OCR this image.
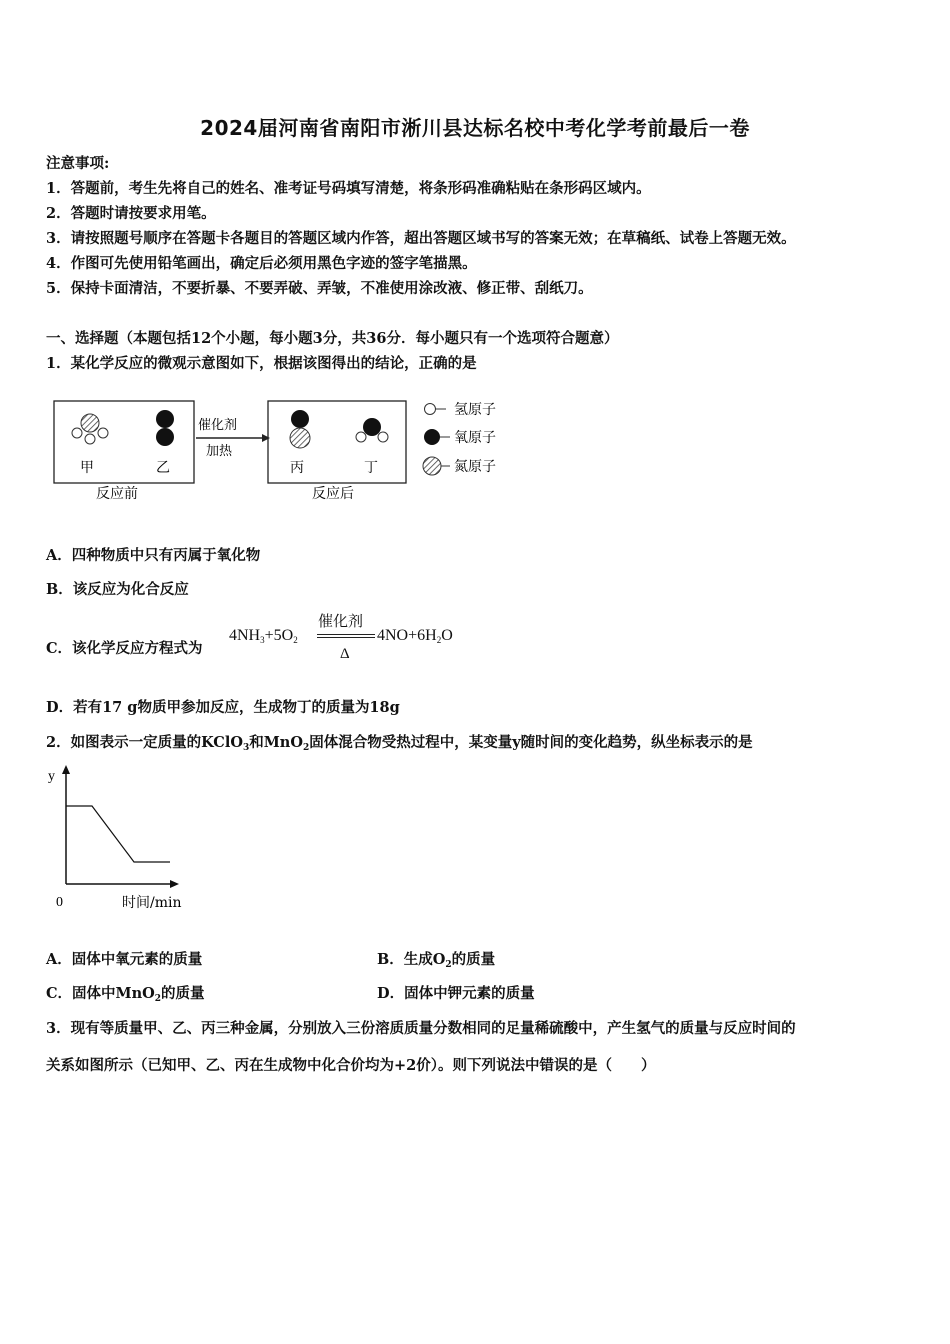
2024届河南省南阳市淅川县达标名校中考化学考前最后一卷
注意事项:
1．答题前，考生先将自己的姓名、准考证号码填写清楚，将条形码准确粘贴在条形码区域内。
2．答题时请按要求用笔。
3．请按照题号顺序在答题卡各题目的答题区域内作答，超出答题区域书写的答案无效；在草稿纸、试卷上答题无效。
4．作图可先使用铅笔画出，确定后必须用黑色字迹的签字笔描黑。
5．保持卡面清洁，不要折暴、不要弄破、弄皱，不准使用涂改液、修正带、刮纸刀。
一、选择题（本题包括12个小题，每小题3分，共36分．每小题只有一个选项符合题意）
1．某化学反应的微观示意图如下，根据该图得出的结论，正确的是
甲	乙
反应前
催化剂
加热
丙	丁
反应后
氢原子
氧原子
氮原子
A．四种物质中只有丙属于氧化物
B．该反应为化合反应
C．该化学反应方程式为
$4NH_3+5O_2$
催化剂
Δ
$4NO+6H_2O$
D．若有17 g物质甲参加反应，生成物丁的质量为18g
2．如图表示一定质量的KClO$_3$和MnO$_2$固体混合物受热过程中，某变量y随时间的变化趋势，纵坐标表示的是
y
0	时间/min
A．固体中氧元素的质量	B．生成$O_2$的质量
C．固体中MnO$_2$的质量	D．固体中钾元素的质量
3．现有等质量甲、乙、丙三种金属，分别放入三份溶质质量分数相同的足量稀硫酸中，产生氢气的质量与反应时间的
关系如图所示（已知甲、乙、丙在生成物中化合价均为+2价）。则下列说法中错误的是（　　）
